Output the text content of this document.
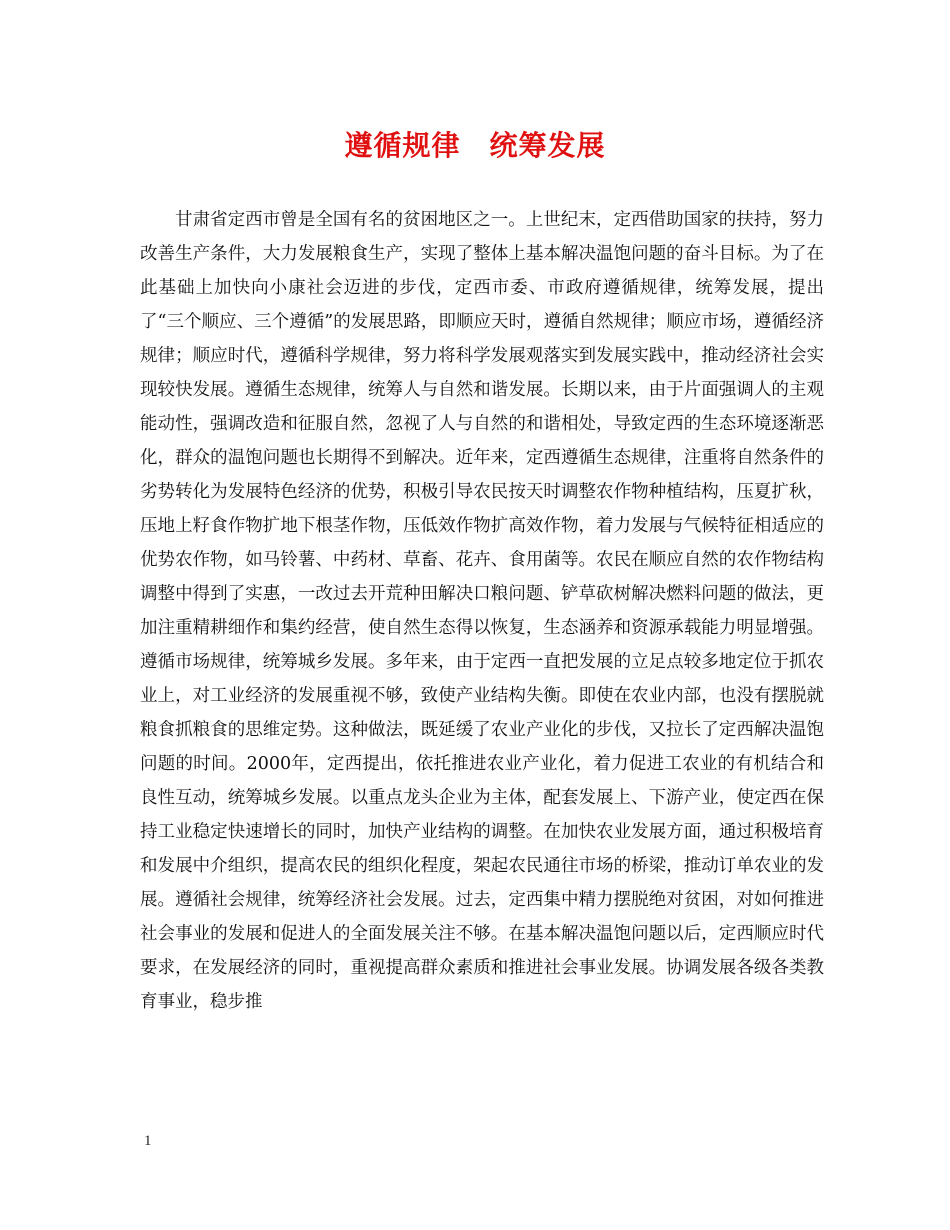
遵循规律　统筹发展

甘肃省定西市曾是全国有名的贫困地区之一。上世纪末，定西借助国家的扶持，努力改善生产条件，大力发展粮食生产，实现了整体上基本解决温饱问题的奋斗目标。为了在此基础上加快向小康社会迈进的步伐，定西市委、市政府遵循规律，统筹发展，提出了“三个顺应、三个遵循”的发展思路，即顺应天时，遵循自然规律；顺应市场，遵循经济规律；顺应时代，遵循科学规律，努力将科学发展观落实到发展实践中，推动经济社会实现较快发展。遵循生态规律，统筹人与自然和谐发展。长期以来，由于片面强调人的主观能动性，强调改造和征服自然，忽视了人与自然的和谐相处，导致定西的生态环境逐渐恶化，群众的温饱问题也长期得不到解决。近年来，定西遵循生态规律，注重将自然条件的劣势转化为发展特色经济的优势，积极引导农民按天时调整农作物种植结构，压夏扩秋，压地上籽食作物扩地下根茎作物，压低效作物扩高效作物，着力发展与气候特征相适应的优势农作物，如马铃薯、中药材、草畜、花卉、食用菌等。农民在顺应自然的农作物结构调整中得到了实惠，一改过去开荒种田解决口粮问题、铲草砍树解决燃料问题的做法，更加注重精耕细作和集约经营，使自然生态得以恢复，生态涵养和资源承载能力明显增强。遵循市场规律，统筹城乡发展。多年来，由于定西一直把发展的立足点较多地定位于抓农业上，对工业经济的发展重视不够，致使产业结构失衡。即使在农业内部，也没有摆脱就粮食抓粮食的思维定势。这种做法，既延缓了农业产业化的步伐，又拉长了定西解决温饱问题的时间。2000年，定西提出，依托推进农业产业化，着力促进工农业的有机结合和良性互动，统筹城乡发展。以重点龙头企业为主体，配套发展上、下游产业，使定西在保持工业稳定快速增长的同时，加快产业结构的调整。在加快农业发展方面，通过积极培育和发展中介组织，提高农民的组织化程度，架起农民通往市场的桥梁，推动订单农业的发展。遵循社会规律，统筹经济社会发展。过去，定西集中精力摆脱绝对贫困，对如何推进社会事业的发展和促进人的全面发展关注不够。在基本解决温饱问题以后，定西顺应时代要求，在发展经济的同时，重视提高群众素质和推进社会事业发展。协调发展各级各类教育事业，稳步推

1
